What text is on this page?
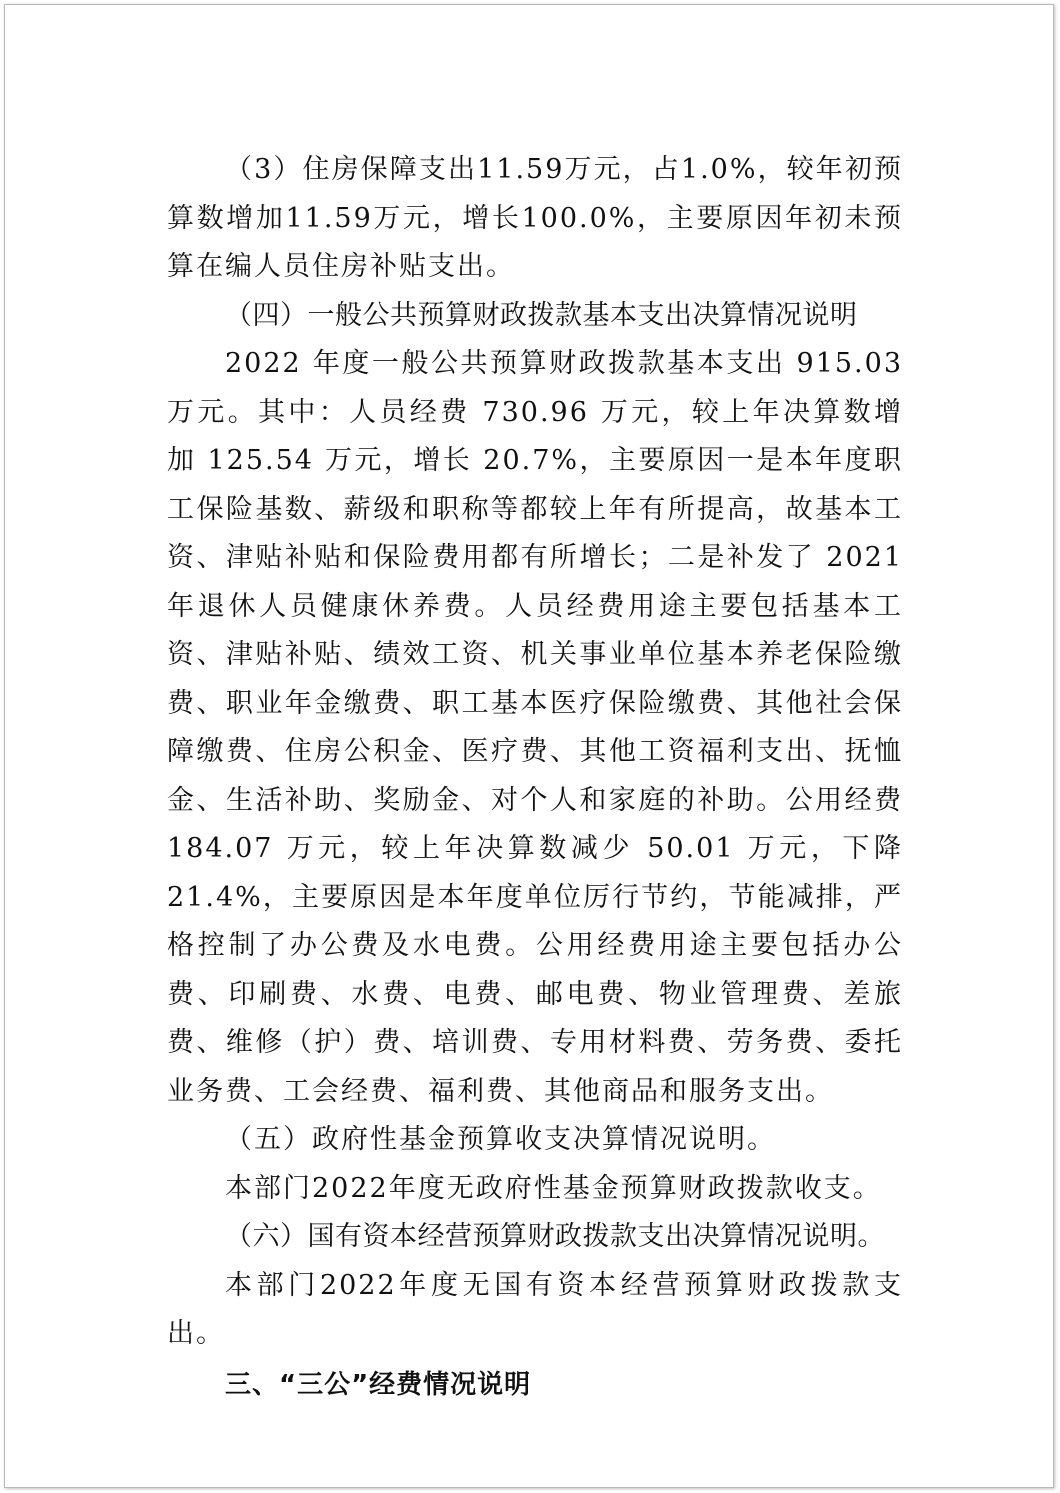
（3）住房保障支出11.59万元，占1.0%，较年初预算数增加11.59万元，增长100.0%，主要原因年初未预算在编人员住房补贴支出。

（四）一般公共预算财政拨款基本支出决算情况说明

2022 年度一般公共预算财政拨款基本支出 915.03 万元。其中：人员经费 730.96 万元，较上年决算数增加 125.54 万元，增长 20.7%，主要原因一是本年度职工保险基数、薪级和职称等都较上年有所提高，故基本工资、津贴补贴和保险费用都有所增长；二是补发了 2021 年退休人员健康休养费。人员经费用途主要包括基本工资、津贴补贴、绩效工资、机关事业单位基本养老保险缴费、职业年金缴费、职工基本医疗保险缴费、其他社会保障缴费、住房公积金、医疗费、其他工资福利支出、抚恤金、生活补助、奖励金、对个人和家庭的补助。公用经费 184.07 万元，较上年决算数减少 50.01 万元，下降 21.4%，主要原因是本年度单位厉行节约，节能减排，严格控制了办公费及水电费。公用经费用途主要包括办公费、印刷费、水费、电费、邮电费、物业管理费、差旅费、维修（护）费、培训费、专用材料费、劳务费、委托业务费、工会经费、福利费、其他商品和服务支出。

（五）政府性基金预算收支决算情况说明。

本部门2022年度无政府性基金预算财政拨款收支。

（六）国有资本经营预算财政拨款支出决算情况说明。

本部门2022年度无国有资本经营预算财政拨款支出。

三、“三公”经费情况说明
